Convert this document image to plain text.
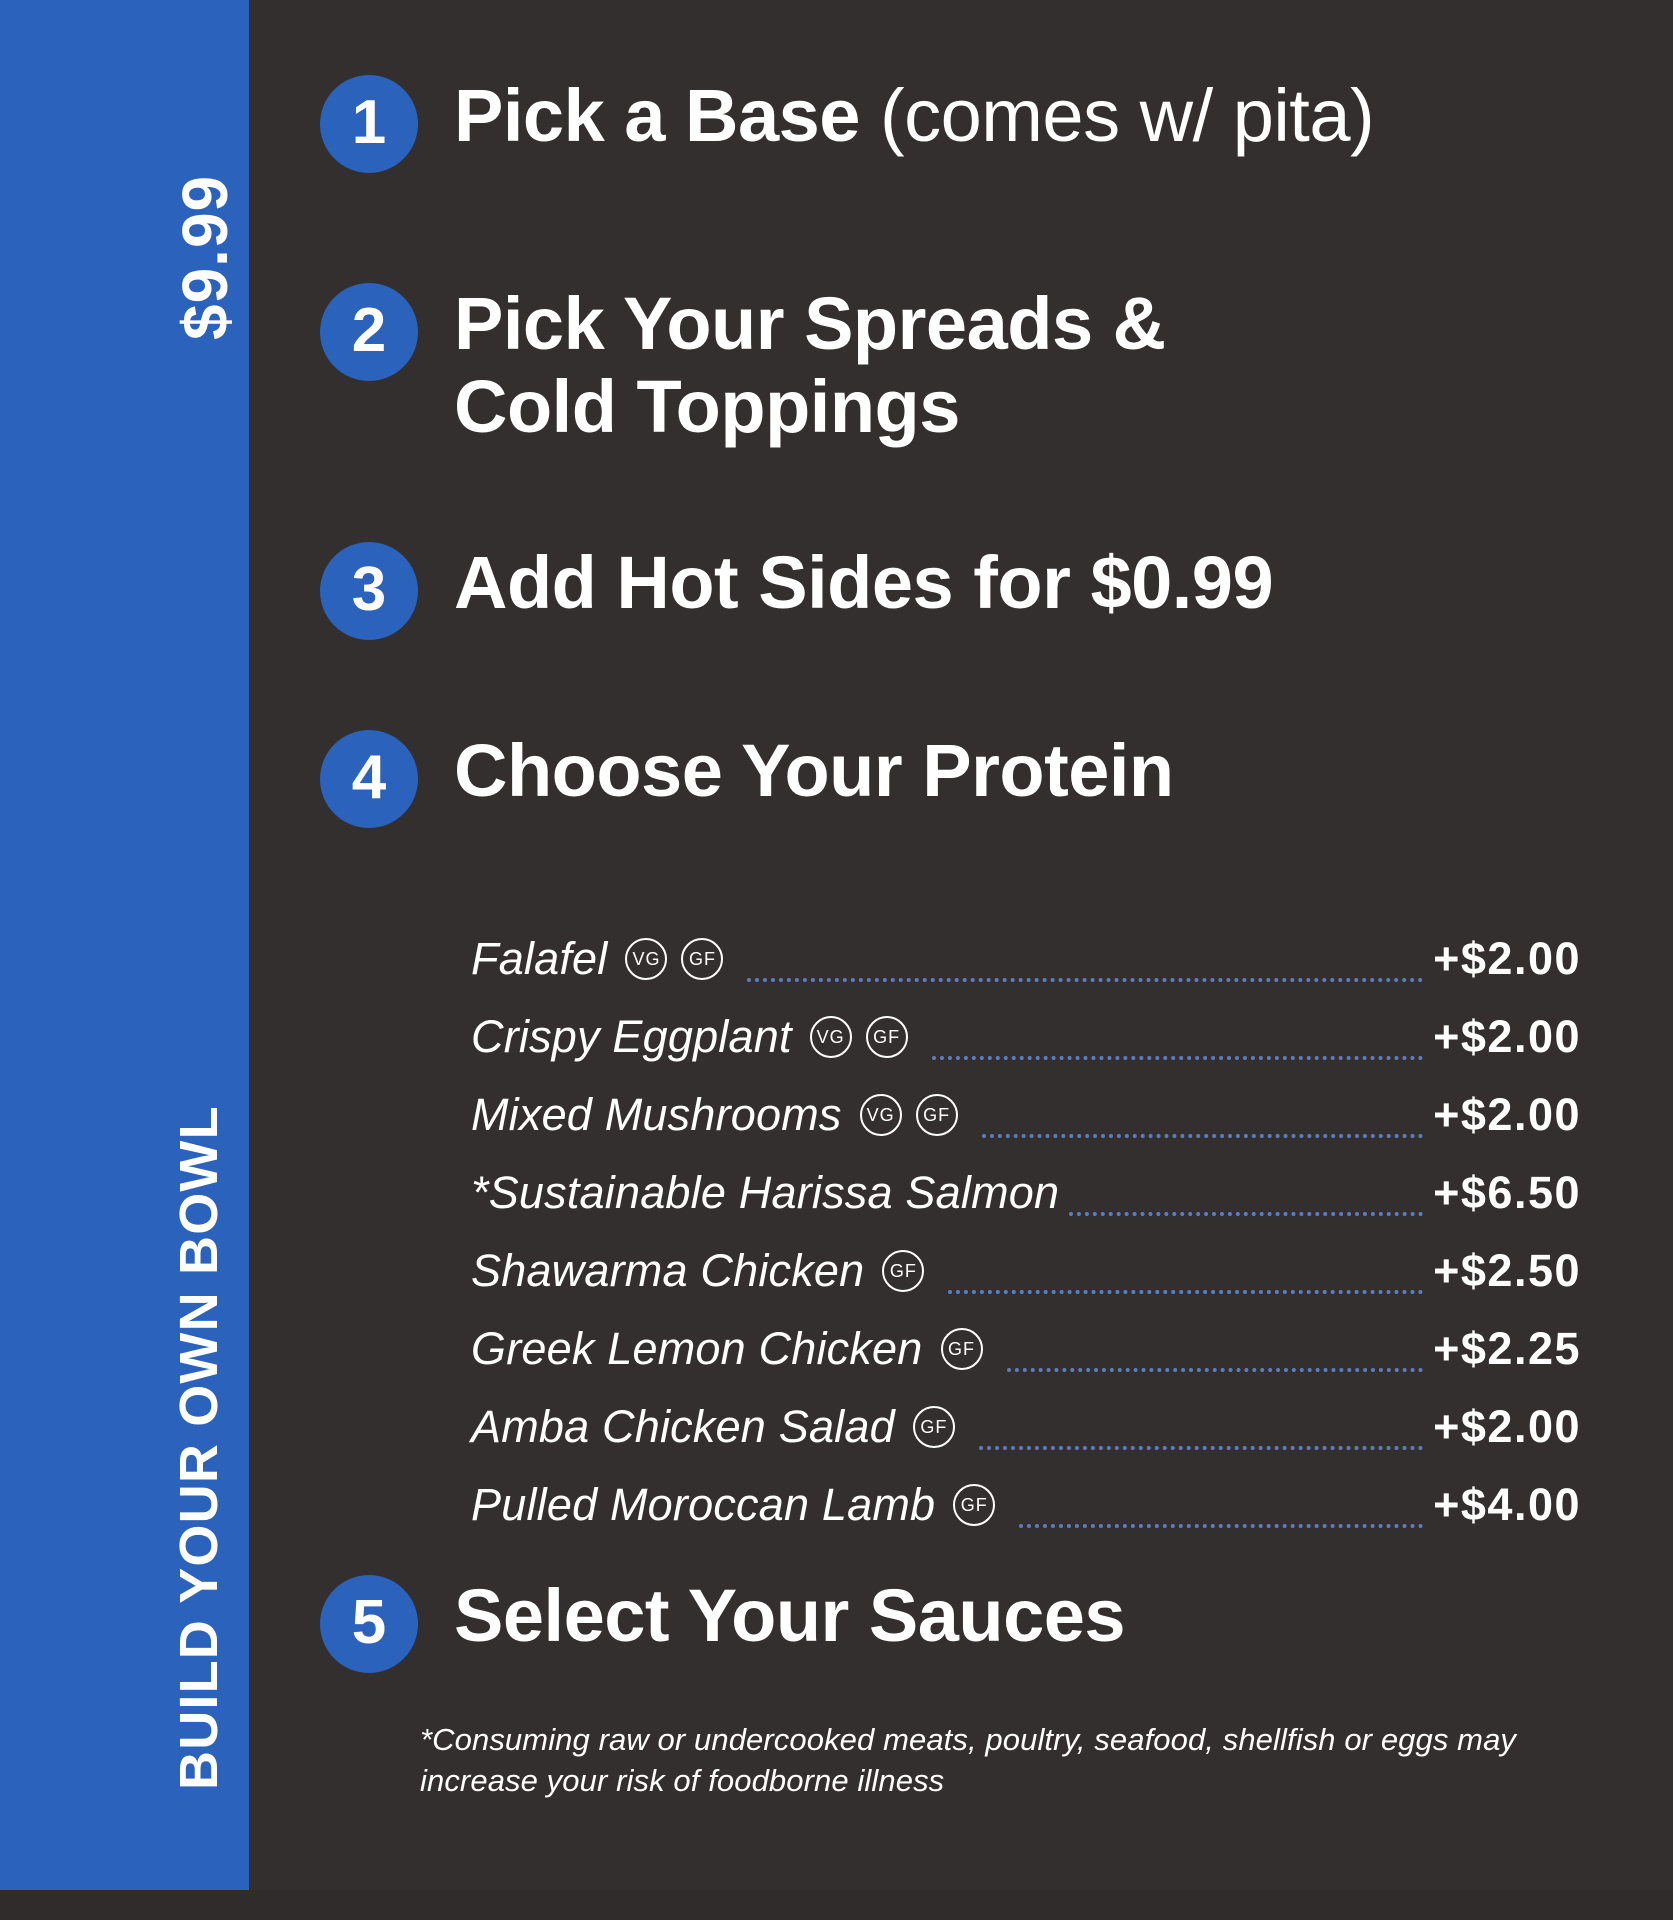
$9.99
BUILD YOUR OWN BOWL
1 Pick a Base (comes w/ pita)
2 Pick Your Spreads &
Cold Toppings
3 Add Hot Sides for $0.99
4 Choose Your Protein
Falafel	VG	GF	+$2.00
Crispy Eggplant	VG	GF	+$2.00
Mixed Mushrooms	VG	GF	+$2.00
*Sustainable Harissa Salmon	+$6.50
Shawarma Chicken	GF	+$2.50
Greek Lemon Chicken	GF	+$2.25
Amba Chicken Salad	GF	+$2.00
Pulled Moroccan Lamb	GF	+$4.00
5 Select Your Sauces
*Consuming raw or undercooked meats, poultry, seafood, shellfish or eggs may increase your risk of foodborne illness
